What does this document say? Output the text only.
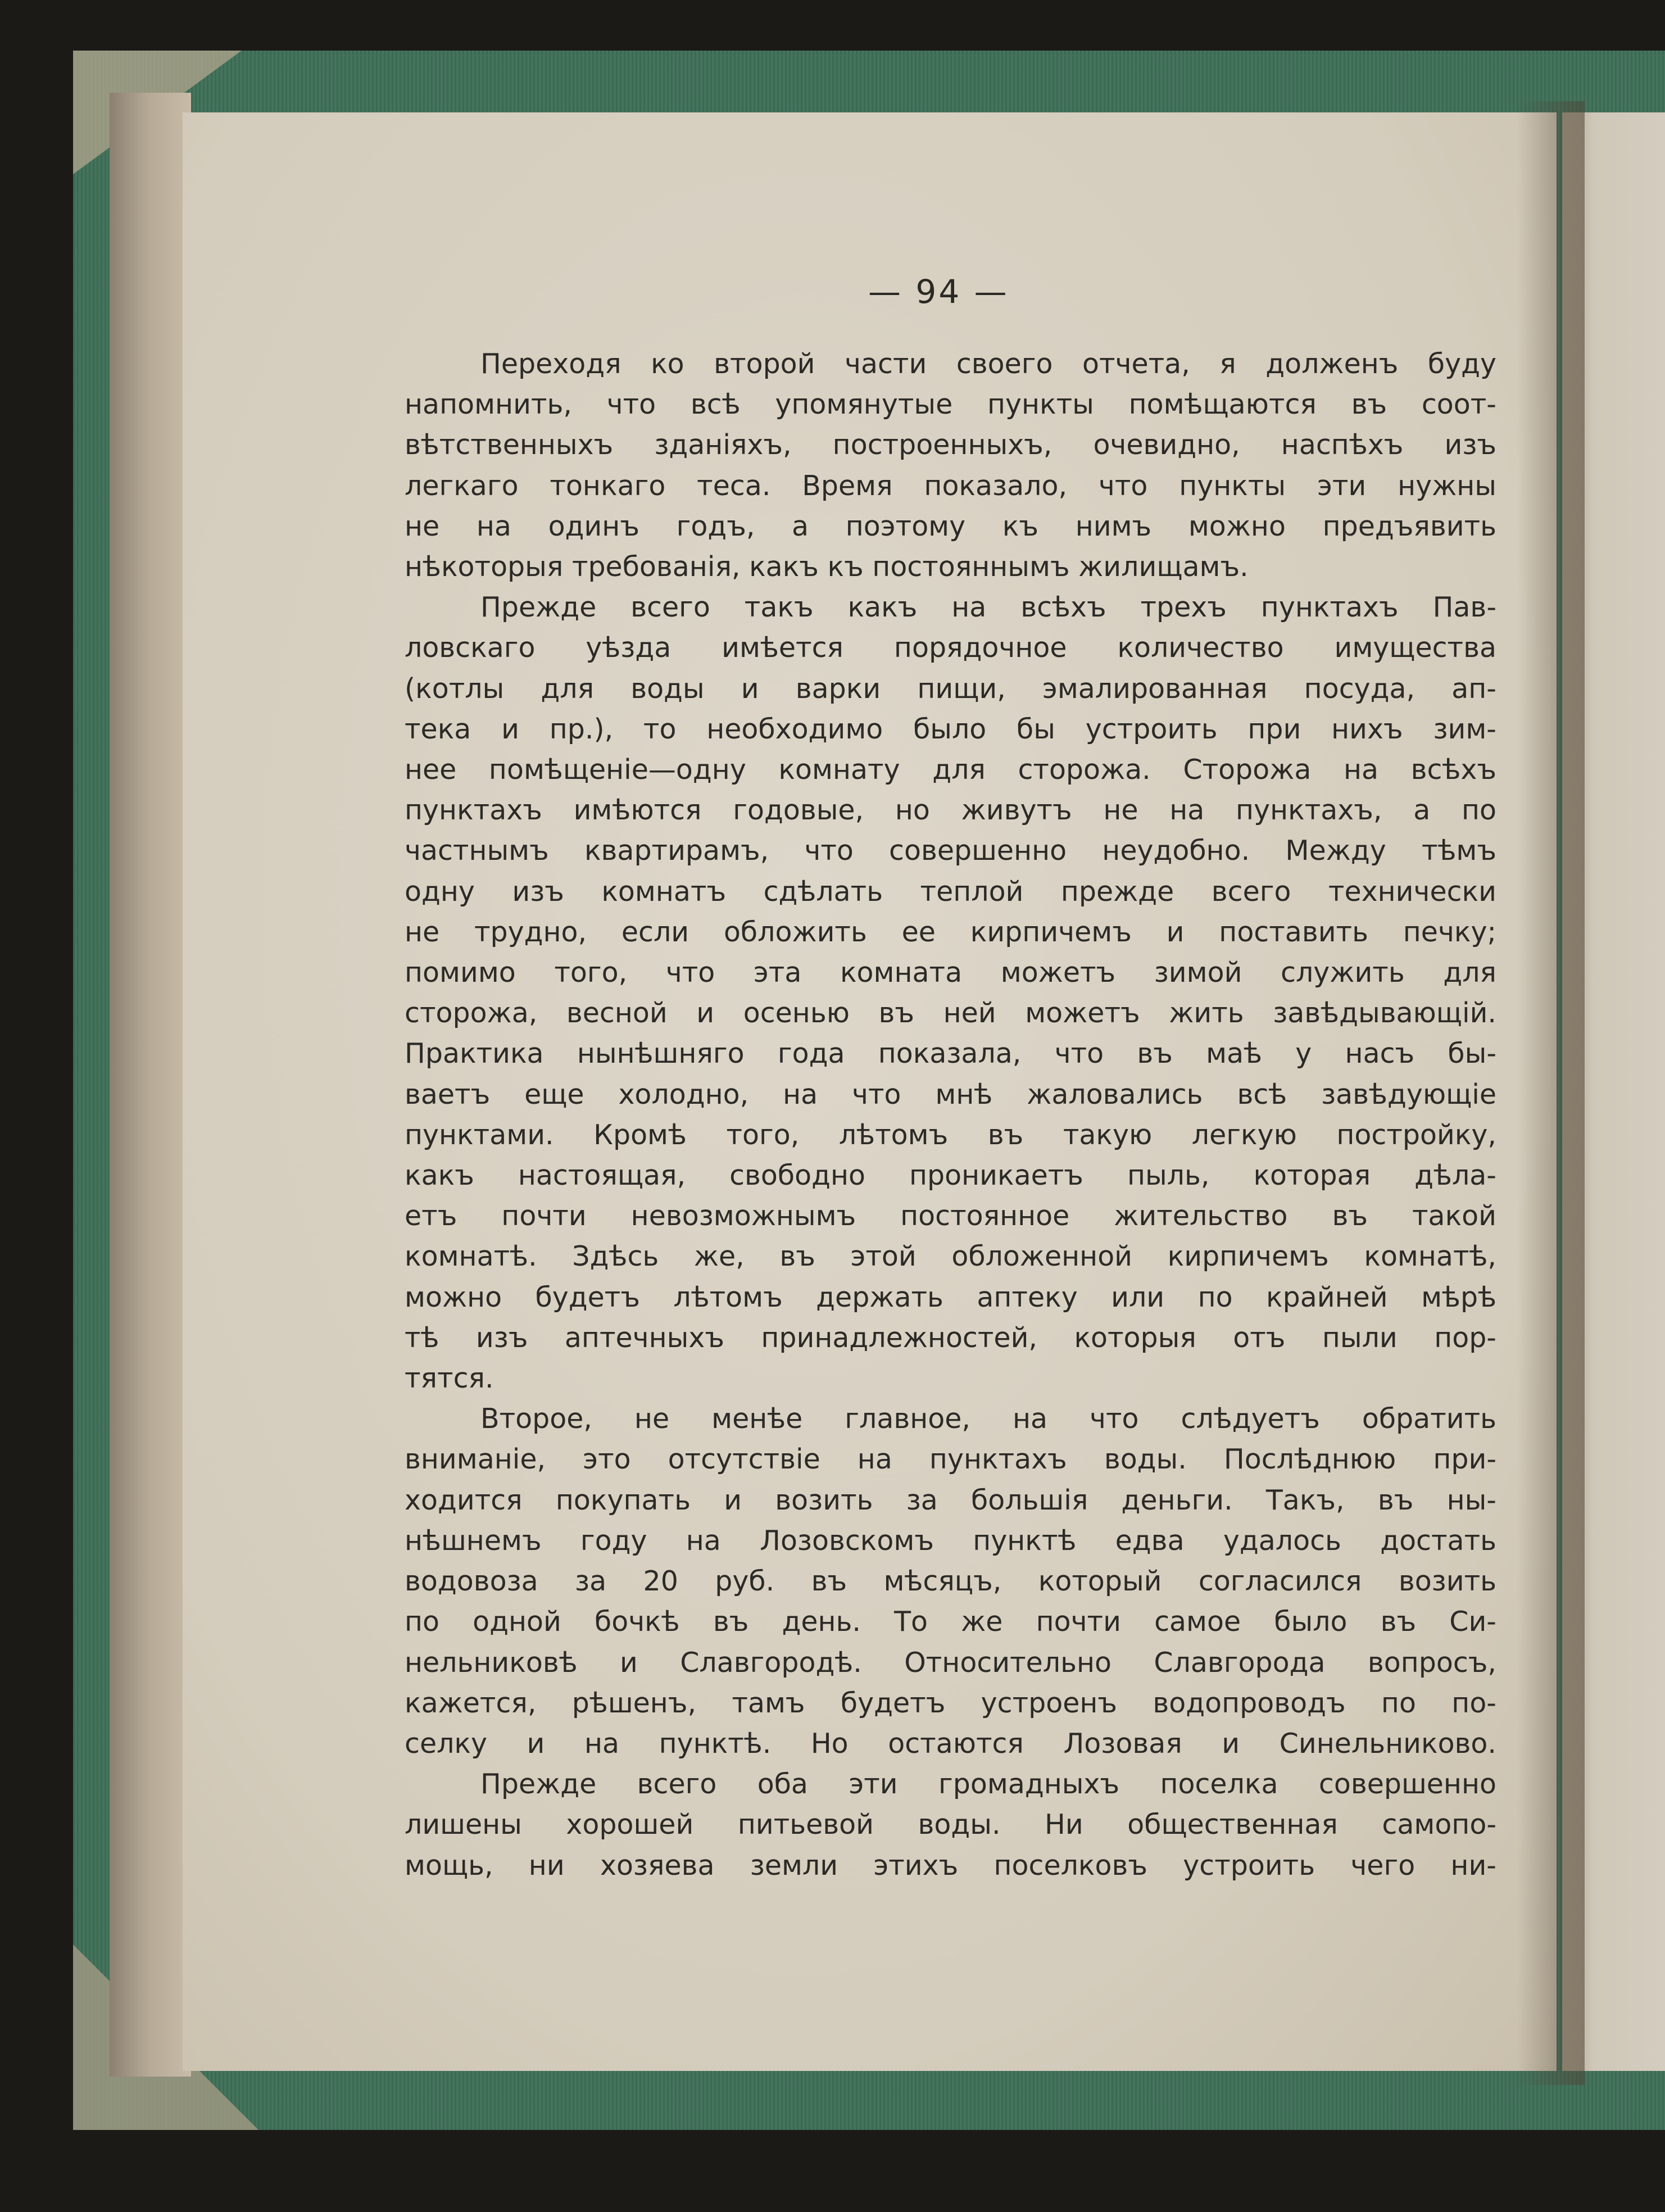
— 94 —
Переходя ко второй части своего отчета, я долженъ буду
напомнить, что всѣ упомянутые пункты помѣщаются въ соот-
вѣтственныхъ зданiяхъ, построенныхъ, очевидно, наспѣхъ изъ
легкаго тонкаго теса. Время показало, что пункты эти нужны
не на одинъ годъ, а поэтому къ нимъ можно предъявить
нѣкоторыя требованiя, какъ къ постояннымъ жилищамъ.
Прежде всего такъ какъ на всѣхъ трехъ пунктахъ Пав-
ловскаго уѣзда имѣется порядочное количество имущества
(котлы для воды и варки пищи, эмалированная посуда, ап-
тека и пр.), то необходимо было бы устроить при нихъ зим-
нее помѣщенiе—одну комнату для сторожа. Сторожа на всѣхъ
пунктахъ имѣются годовые, но живутъ не на пунктахъ, а по
частнымъ квартирамъ, что совершенно неудобно. Между тѣмъ
одну изъ комнатъ сдѣлать теплой прежде всего технически
не трудно, если обложить ее кирпичемъ и поставить печку;
помимо того, что эта комната можетъ зимой служить для
сторожа, весной и осенью въ ней можетъ жить завѣдывающiй.
Практика нынѣшняго года показала, что въ маѣ у насъ бы-
ваетъ еще холодно, на что мнѣ жаловались всѣ завѣдующiе
пунктами. Кромѣ того, лѣтомъ въ такую легкую постройку,
какъ настоящая, свободно проникаетъ пыль, которая дѣла-
етъ почти невозможнымъ постоянное жительство въ такой
комнатѣ. Здѣсь же, въ этой обложенной кирпичемъ комнатѣ,
можно будетъ лѣтомъ держать аптеку или по крайней мѣрѣ
тѣ изъ аптечныхъ принадлежностей, которыя отъ пыли пор-
тятся.
Второе, не менѣе главное, на что слѣдуетъ обратить
вниманiе, это отсутствiе на пунктахъ воды. Послѣднюю при-
ходится покупать и возить за большiя деньги. Такъ, въ ны-
нѣшнемъ году на Лозовскомъ пунктѣ едва удалось достать
водовоза за 20 руб. въ мѣсяцъ, который согласился возить
по одной бочкѣ въ день. То же почти самое было въ Си-
нельниковѣ и Славгородѣ. Относительно Славгорода вопросъ,
кажется, рѣшенъ, тамъ будетъ устроенъ водопроводъ по по-
селку и на пунктѣ. Но остаются Лозовая и Синельниково.
Прежде всего оба эти громадныхъ поселка совершенно
лишены хорошей питьевой воды. Ни общественная самопо-
мощь, ни хозяева земли этихъ поселковъ устроить чего ни-
